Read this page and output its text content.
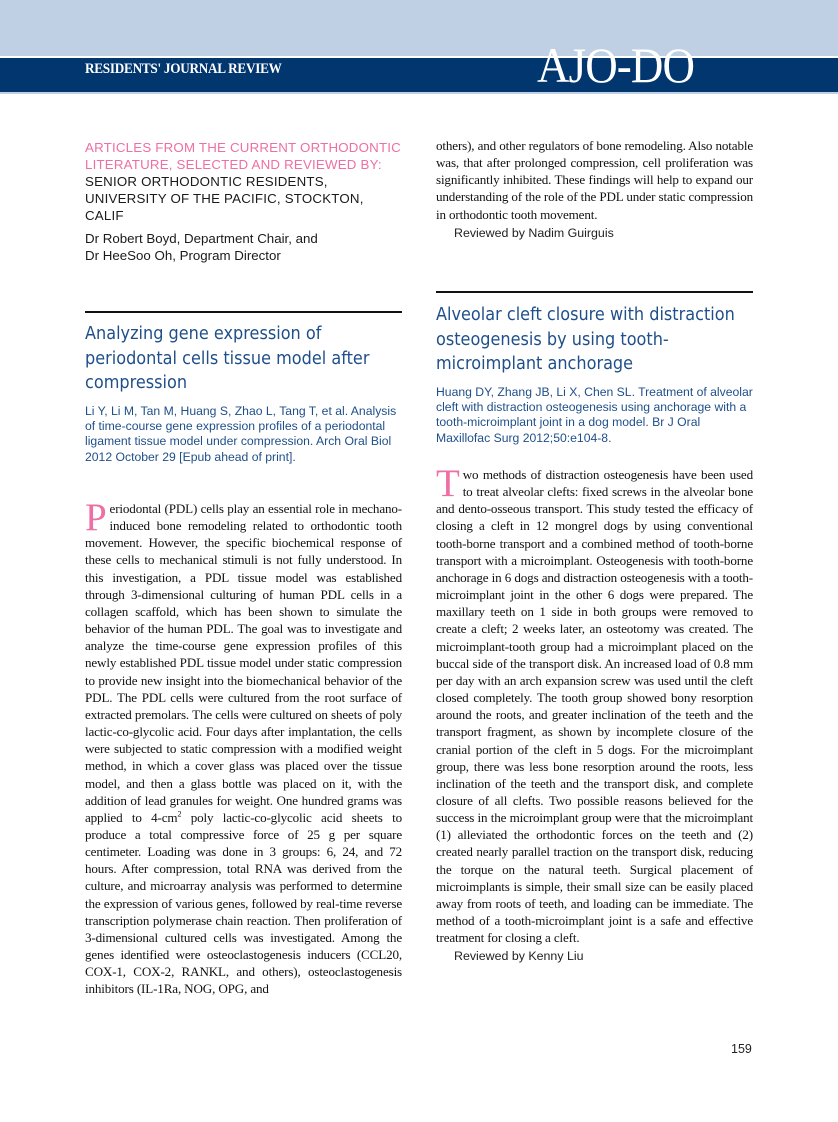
RESIDENTS' JOURNAL REVIEW	AJO-DO
ARTICLES FROM THE CURRENT ORTHODONTIC LITERATURE, SELECTED AND REVIEWED BY:
SENIOR ORTHODONTIC RESIDENTS, UNIVERSITY OF THE PACIFIC, STOCKTON, CALIF
Dr Robert Boyd, Department Chair, and
Dr HeeSoo Oh, Program Director
Analyzing gene expression of periodontal cells tissue model after compression
Li Y, Li M, Tan M, Huang S, Zhao L, Tang T, et al. Analysis of time-course gene expression profiles of a periodontal ligament tissue model under compression. Arch Oral Biol 2012 October 29 [Epub ahead of print].

Periodontal (PDL) cells play an essential role in mechano-induced bone remodeling related to orthodontic tooth movement. However, the specific biochemical response of these cells to mechanical stimuli is not fully understood. In this investigation, a PDL tissue model was established through 3-dimensional culturing of human PDL cells in a collagen scaffold, which has been shown to simulate the behavior of the human PDL. The goal was to investigate and analyze the time-course gene expression profiles of this newly established PDL tissue model under static compression to provide new insight into the biomechanical behavior of the PDL. The PDL cells were cultured from the root surface of extracted premolars. The cells were cultured on sheets of poly lactic-co-glycolic acid. Four days after implantation, the cells were subjected to static compression with a modified weight method, in which a cover glass was placed over the tissue model, and then a glass bottle was placed on it, with the addition of lead granules for weight. One hundred grams was applied to $4-cm^2$ poly lactic-co-glycolic acid sheets to produce a total compressive force of 25 g per square centimeter. Loading was done in 3 groups: 6, 24, and 72 hours. After compression, total RNA was derived from the culture, and microarray analysis was performed to determine the expression of various genes, followed by real-time reverse transcription polymerase chain reaction. Then proliferation of 3-dimensional cultured cells was investigated. Among the genes identified were osteoclastogenesis inducers (CCL20, COX-1, COX-2, RANKL, and others), osteoclastogenesis inhibitors (IL-1Ra, NOG, OPG, and

others), and other regulators of bone remodeling. Also notable was, that after prolonged compression, cell proliferation was significantly inhibited. These findings will help to expand our understanding of the role of the PDL under static compression in orthodontic tooth movement.

Reviewed by Nadim Guirguis
Alveolar cleft closure with distraction osteogenesis by using tooth-microimplant anchorage
Huang DY, Zhang JB, Li X, Chen SL. Treatment of alveolar cleft with distraction osteogenesis using anchorage with a tooth-microimplant joint in a dog model. Br J Oral Maxillofac Surg 2012;50:e104-8.

Two methods of distraction osteogenesis have been used to treat alveolar clefts: fixed screws in the alveolar bone and dento-osseous transport. This study tested the efficacy of closing a cleft in 12 mongrel dogs by using conventional tooth-borne transport and a combined method of tooth-borne transport with a microimplant. Osteogenesis with tooth-borne anchorage in 6 dogs and distraction osteogenesis with a tooth-microimplant joint in the other 6 dogs were prepared. The maxillary teeth on 1 side in both groups were removed to create a cleft; 2 weeks later, an osteotomy was created. The microimplant-tooth group had a microimplant placed on the buccal side of the transport disk. An increased load of 0.8 mm per day with an arch expansion screw was used until the cleft closed completely. The tooth group showed bony resorption around the roots, and greater inclination of the teeth and the transport fragment, as shown by incomplete closure of the cranial portion of the cleft in 5 dogs. For the microimplant group, there was less bone resorption around the roots, less inclination of the teeth and the transport disk, and complete closure of all clefts. Two possible reasons believed for the success in the microimplant group were that the microimplant (1) alleviated the orthodontic forces on the teeth and (2) created nearly parallel traction on the transport disk, reducing the torque on the natural teeth. Surgical placement of microimplants is simple, their small size can be easily placed away from roots of teeth, and loading can be immediate. The method of a tooth-microimplant joint is a safe and effective treatment for closing a cleft.

Reviewed by Kenny Liu
159
